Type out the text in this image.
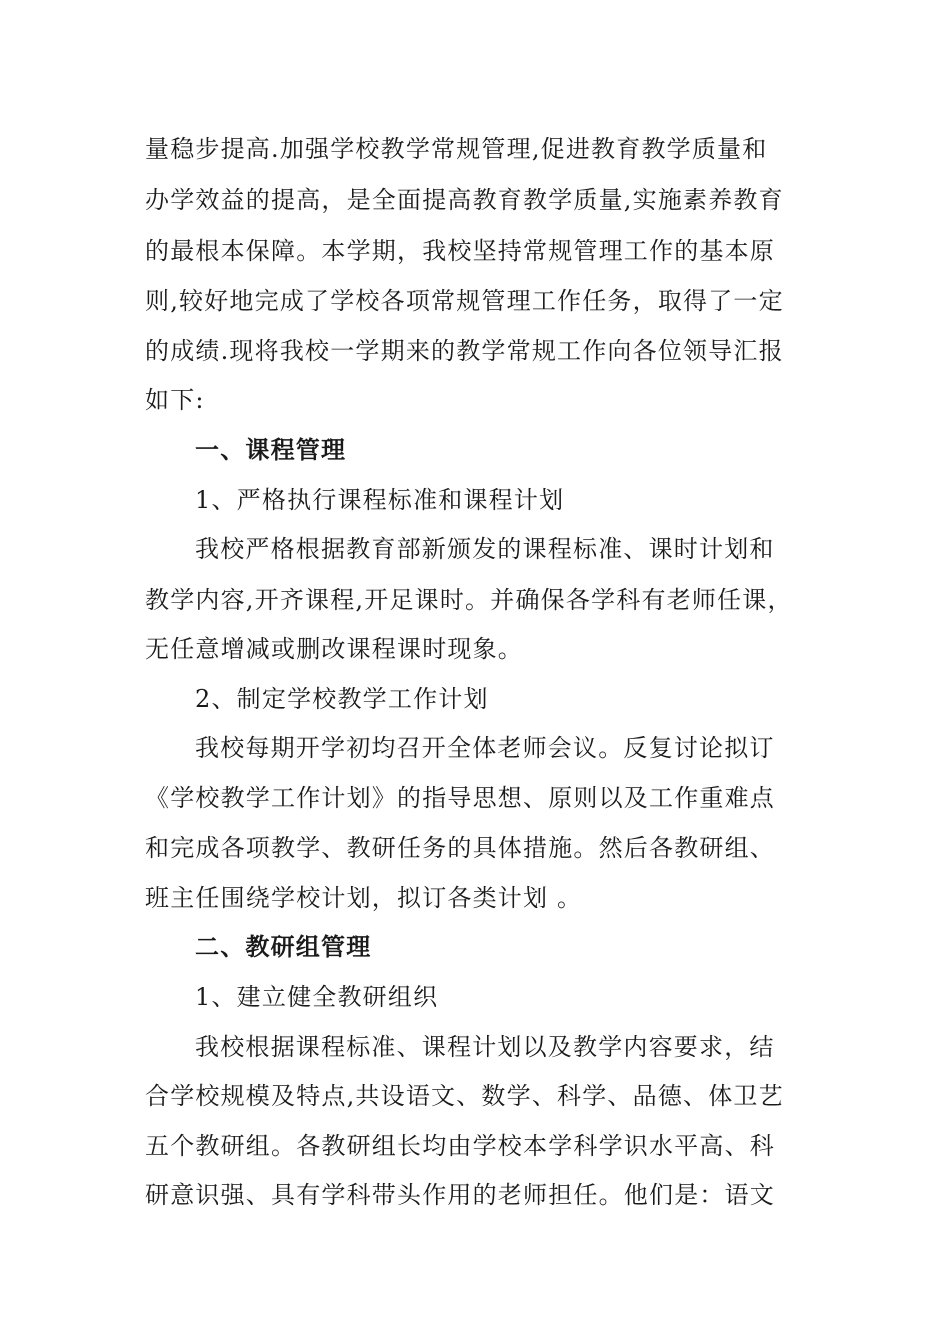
量稳步提高.加强学校教学常规管理,促进教育教学质量和
办学效益的提高，是全面提高教育教学质量,实施素养教育
的最根本保障。本学期，我校坚持常规管理工作的基本原
则,较好地完成了学校各项常规管理工作任务，取得了一定
的成绩.现将我校一学期来的教学常规工作向各位领导汇报
如下:
一、课程管理
1、严格执行课程标准和课程计划
我校严格根据教育部新颁发的课程标准、课时计划和
教学内容,开齐课程,开足课时。并确保各学科有老师任课，
无任意增减或删改课程课时现象。
2、制定学校教学工作计划
我校每期开学初均召开全体老师会议。反复讨论拟订
《学校教学工作计划》的指导思想、原则以及工作重难点
和完成各项教学、教研任务的具体措施。然后各教研组、
班主任围绕学校计划，拟订各类计划 。
二、教研组管理
1、建立健全教研组织
我校根据课程标准、课程计划以及教学内容要求，结
合学校规模及特点,共设语文、数学、科学、品德、体卫艺
五个教研组。各教研组长均由学校本学科学识水平高、科
研意识强、具有学科带头作用的老师担任。他们是：语文
